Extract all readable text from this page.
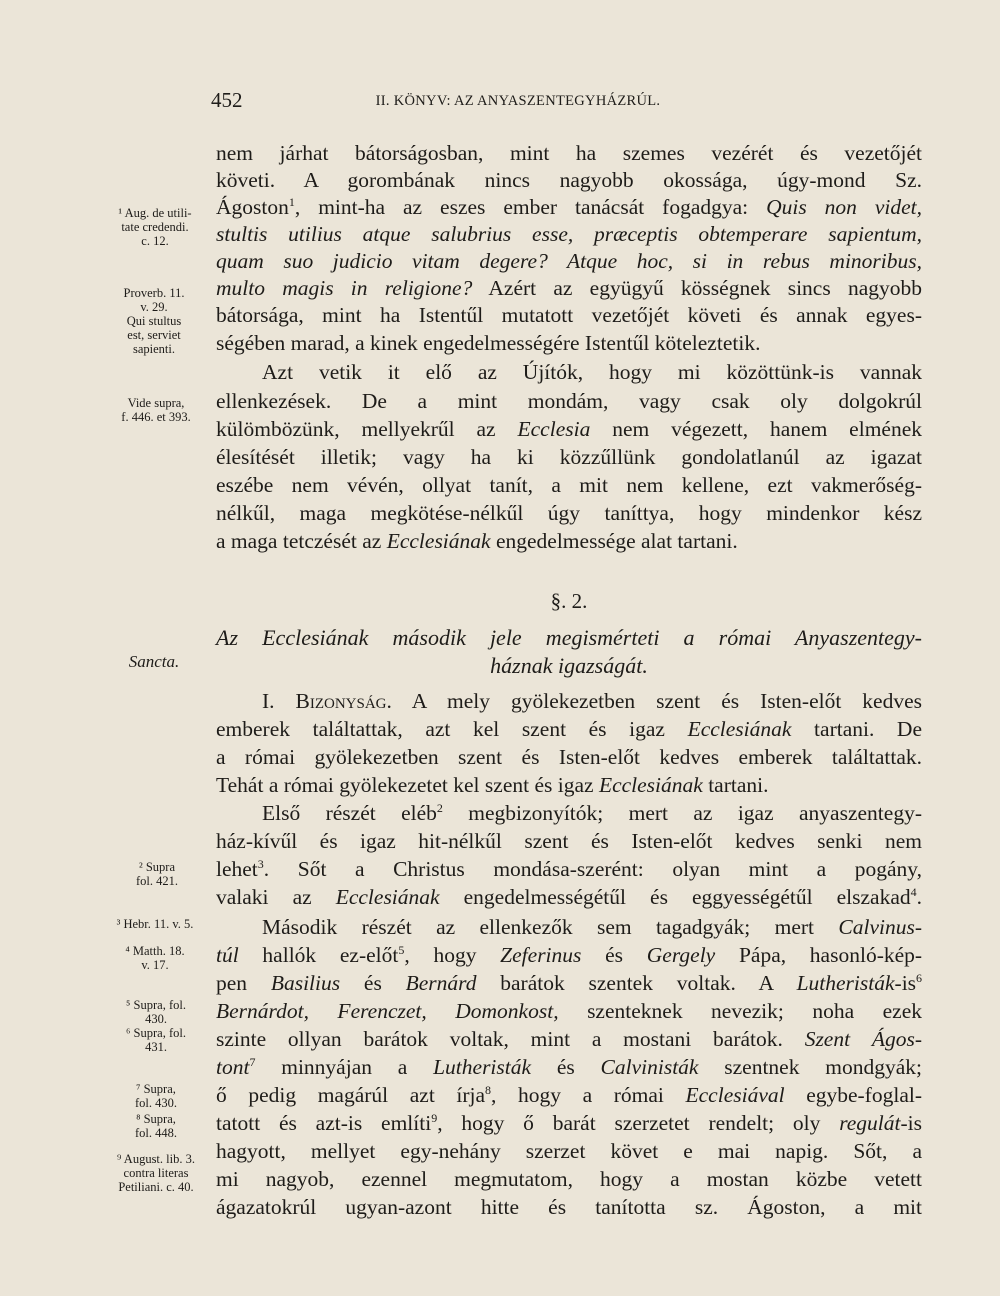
452	II. KÖNYV: AZ ANYASZENTEGYHÁZRÚL.
nem járhat bátorságosban, mint ha szemes vezérét és vezetőjét
követi. A gorombának nincs nagyobb okossága, úgy-mond Sz.
Ágoston$^1$, mint-ha az eszes ember tanácsát fogadgya: Quis non videt,
stultis utilius atque salubrius esse, præceptis obtemperare sapientum,
quam suo judicio vitam degere? Atque hoc, si in rebus minoribus,
multo magis in religione? Azért az együgyű kösségnek sincs nagyobb
bátorsága, mint ha Istentűl mutatott vezetőjét követi és annak egyes-
ségében marad, a kinek engedelmességére Istentűl köteleztetik.
Azt vetik it elő az Újítók, hogy mi közöttünk-is vannak
ellenkezések. De a mint mondám, vagy csak oly dolgokrúl
külömbözünk, mellyekrűl az Ecclesia nem végezett, hanem elmének
élesítését illetik; vagy ha ki közzűllünk gondolatlanúl az igazat
eszébe nem vévén, ollyat tanít, a mit nem kellene, ezt vakmerőség-
nélkűl, maga megkötése-nélkűl úgy taníttya, hogy mindenkor kész
a maga tetczését az Ecclesiának engedelmessége alat tartani.
§. 2.
Az Ecclesiának második jele megismérteti a római Anyaszentegy-
háznak igazságát.
I. Bizonyság. A mely gyölekezetben szent és Isten-előt kedves
emberek találtattak, azt kel szent és igaz Ecclesiának tartani. De
a római gyölekezetben szent és Isten-előt kedves emberek találtattak.
Tehát a római gyölekezetet kel szent és igaz Ecclesiának tartani.
Első részét eléb$^2$ megbizonyítók; mert az igaz anyaszentegy-
ház-kívűl és igaz hit-nélkűl szent és Isten-előt kedves senki nem
lehet$^3$. Sőt a Christus mondása-szerént: olyan mint a pogány,
valaki az Ecclesiának engedelmességétűl és eggyességétűl elszakad$^4$.
Második részét az ellenkezők sem tagadgyák; mert Calvinus-
túl hallók ez-előt$^5$, hogy Zeferinus és Gergely Pápa, hasonló-kép-
pen Basilius és Bernárd barátok szentek voltak. A Lutheristák-$is^6$
Bernárdot, Ferenczet, Domonkost, szenteknek nevezik; noha ezek
szinte ollyan barátok voltak, mint a mostani barátok. Szent Ágos-
tont$^7$ minnyájan a Lutheristák és Calvinisták szentnek mondgyák;
ő pedig magárúl azt írja$^8$, hogy a római Ecclesiával egybe-foglal-
tatott és azt-is említi$^9$, hogy ő barát szerzetet rendelt; oly regulát-is
hagyott, mellyet egy-nehány szerzet követ e mai napig. Sőt, a
mi nagyob, ezennel megmutatom, hogy a mostan közbe vetett
ágazatokrúl ugyan-azont hitte és tanította sz. Ágoston, a mit
¹ Aug. de utili-
tate credendi.
c. 12.
Proverb. 11.
v. 29.
Qui stultus
est, serviet
sapienti.
Vide supra,
f. 446. et 393.
Sancta.
² Supra
fol. 421.
³ Hebr. 11. v. 5.
⁴ Matth. 18.
v. 17.
⁵ Supra, fol.
430.
⁶ Supra, fol.
431.
⁷ Supra,
fol. 430.
⁸ Supra,
fol. 448.
⁹ August. lib. 3.
contra literas
Petiliani. c. 40.
